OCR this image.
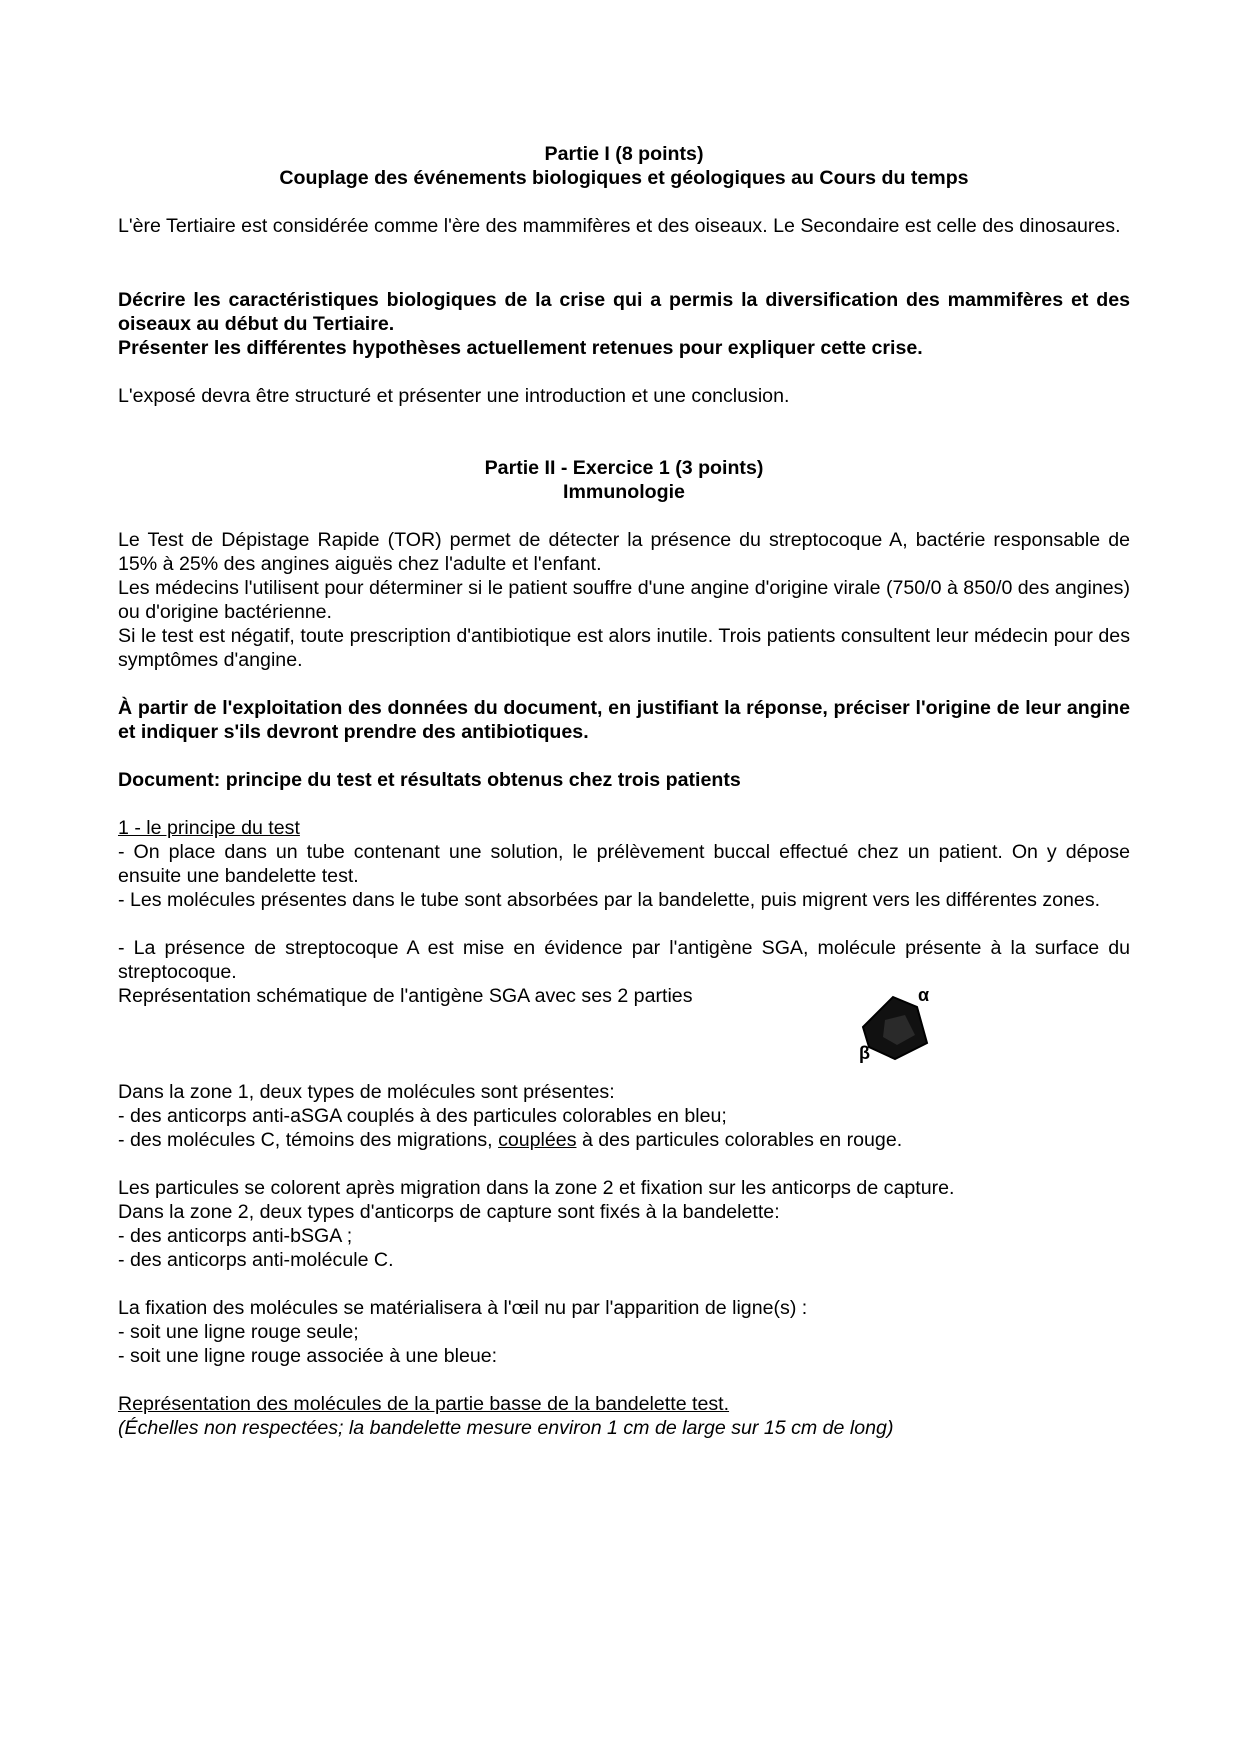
Partie I (8 points)
Couplage des événements biologiques et géologiques au Cours du temps
L'ère Tertiaire est considérée comme l'ère des mammifères et des oiseaux. Le Secondaire est celle des dinosaures.
Décrire les caractéristiques biologiques de la crise qui a permis la diversification des mammifères et des oiseaux au début du Tertiaire.
Présenter les différentes hypothèses actuellement retenues pour expliquer cette crise.
L'exposé devra être structuré et présenter une introduction et une conclusion.
Partie II - Exercice 1 (3 points)
Immunologie
Le Test de Dépistage Rapide (TOR) permet de détecter la présence du streptocoque A, bactérie responsable de 15% à 25% des angines aiguës chez l'adulte et l'enfant.
Les médecins l'utilisent pour déterminer si le patient souffre d'une angine d'origine virale (750/0 à 850/0 des angines) ou d'origine bactérienne.
Si le test est négatif, toute prescription d'antibiotique est alors inutile. Trois patients consultent leur médecin pour des symptômes d'angine.
À partir de l'exploitation des données du document, en justifiant la réponse, préciser l'origine de leur angine et indiquer s'ils devront prendre des antibiotiques.
Document: principe du test et résultats obtenus chez trois patients
1 - le principe du test
- On place dans un tube contenant une solution, le prélèvement buccal effectué chez un patient. On y dépose ensuite une bandelette test.
- Les molécules présentes dans le tube sont absorbées par la bandelette, puis migrent vers les différentes zones.
- La présence de streptocoque A est mise en évidence par l'antigène SGA, molécule présente à la surface du streptocoque.
Représentation schématique de l'antigène SGA avec ses 2 parties	α
β
Dans la zone 1, deux types de molécules sont présentes:
- des anticorps anti-aSGA couplés à des particules colorables en bleu;
- des molécules C, témoins des migrations, couplées à des particules colorables en rouge.
Les particules se colorent après migration dans la zone 2 et fixation sur les anticorps de capture.
Dans la zone 2, deux types d'anticorps de capture sont fixés à la bandelette:
- des anticorps anti-bSGA ;
- des anticorps anti-molécule C.
La fixation des molécules se matérialisera à l'œil nu par l'apparition de ligne(s) :
- soit une ligne rouge seule;
- soit une ligne rouge associée à une bleue:
Représentation des molécules de la partie basse de la bandelette test.
(Échelles non respectées; la bandelette mesure environ 1 cm de large sur 15 cm de long)
